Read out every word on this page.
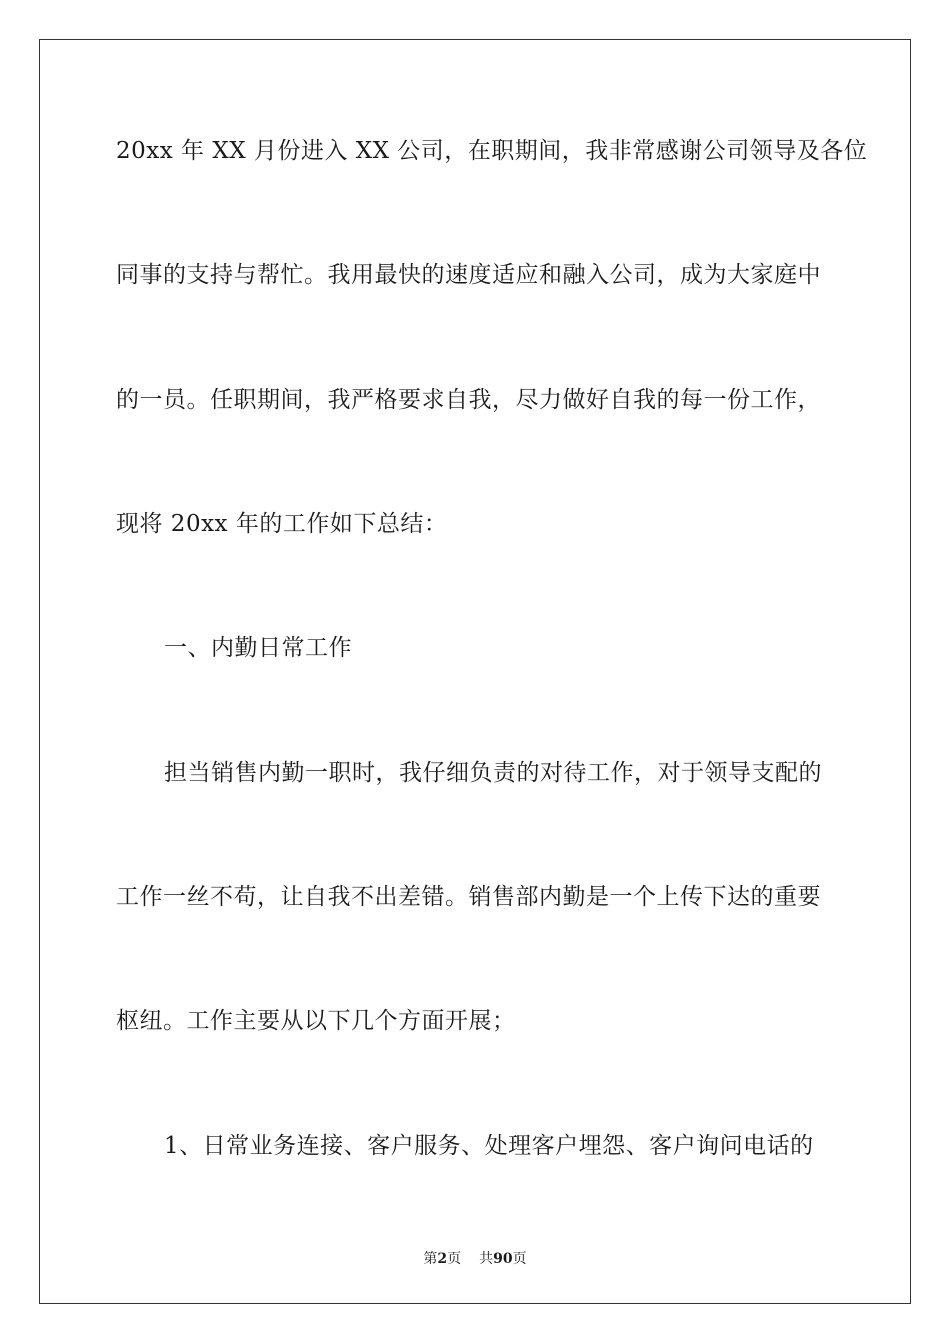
20xx 年 XX 月份进入 XX 公司，在职期间，我非常感谢公司领导及各位
同事的支持与帮忙。我用最快的速度适应和融入公司，成为大家庭中
的一员。任职期间，我严格要求自我，尽力做好自我的每一份工作，
现将 20xx 年的工作如下总结：
一、内勤日常工作
担当销售内勤一职时，我仔细负责的对待工作，对于领导支配的
工作一丝不苟，让自我不出差错。销售部内勤是一个上传下达的重要
枢纽。工作主要从以下几个方面开展；
1、日常业务连接、客户服务、处理客户埋怨、客户询问电话的
第2页 共90页
